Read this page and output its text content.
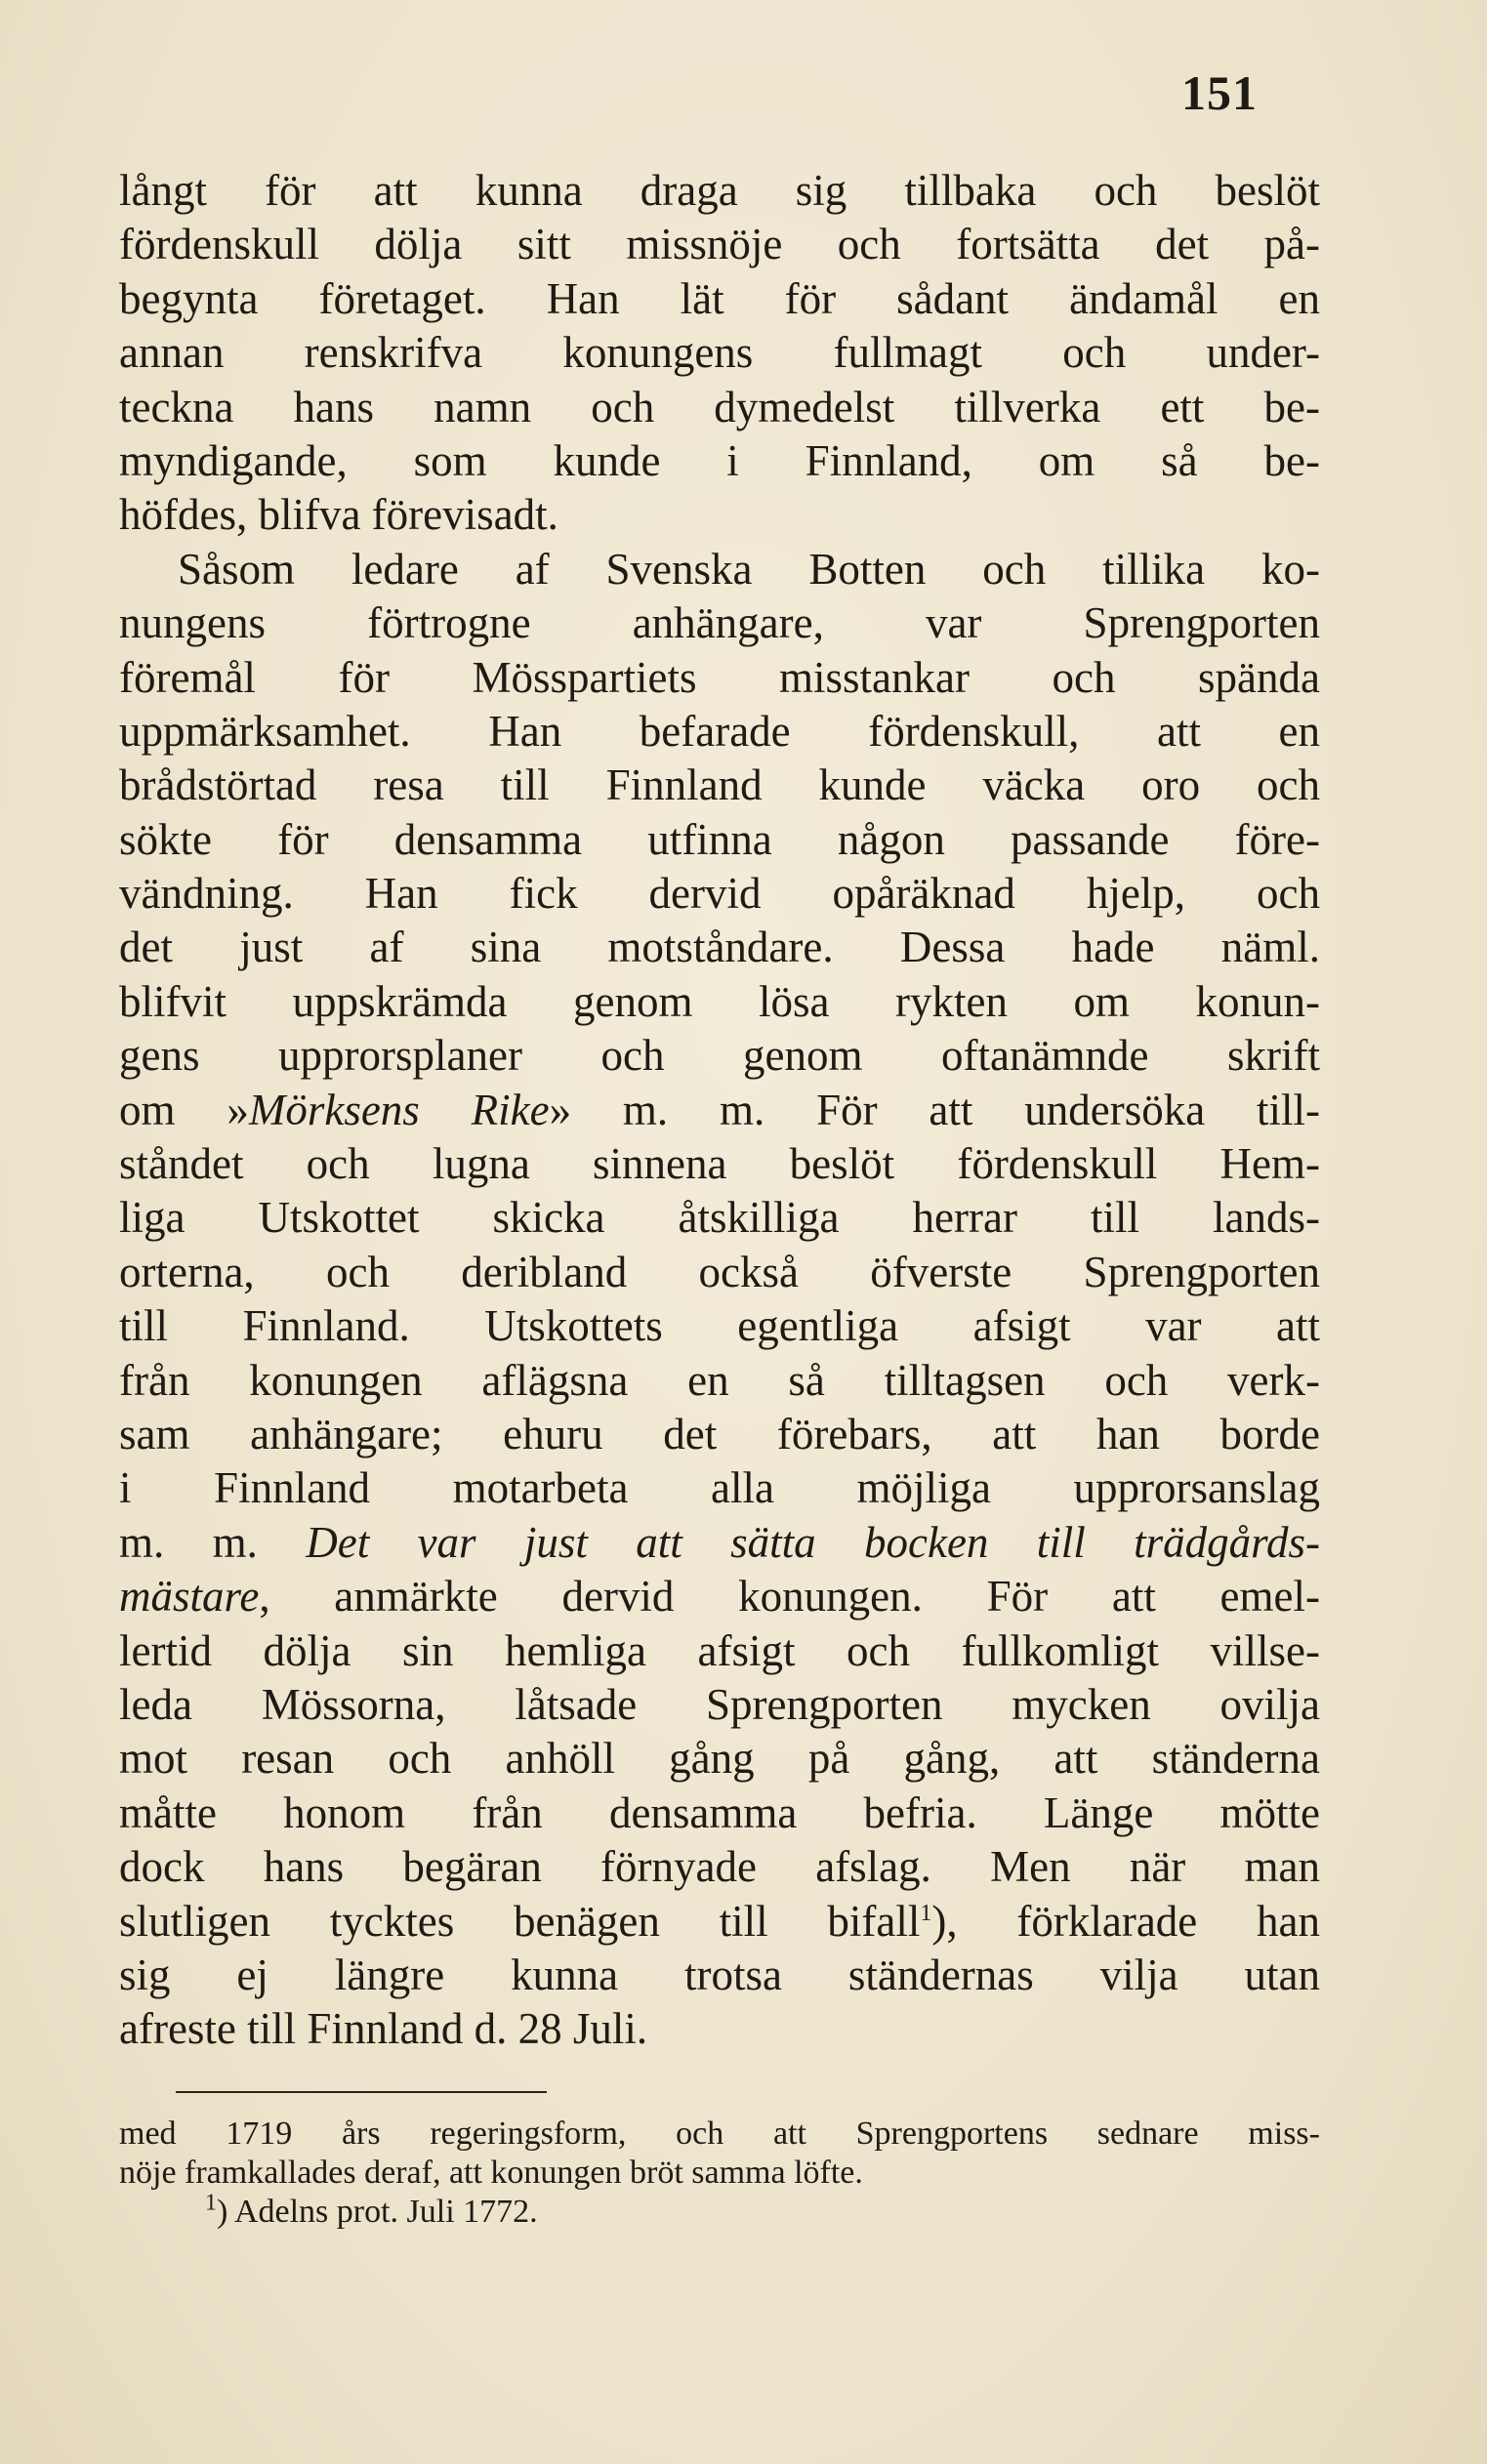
151
långt för att kunna draga sig tillbaka och beslöt
fördenskull dölja sitt missnöje och fortsätta det på-
begynta företaget. Han lät för sådant ändamål en
annan renskrifva konungens fullmagt och under-
teckna hans namn och dymedelst tillverka ett be-
myndigande, som kunde i Finnland, om så be-
höfdes, blifva förevisadt.
Såsom ledare af Svenska Botten och tillika ko-
nungens förtrogne anhängare, var Sprengporten
föremål för Mösspartiets misstankar och spända
uppmärksamhet. Han befarade fördenskull, att en
brådstörtad resa till Finnland kunde väcka oro och
sökte för densamma utfinna någon passande före-
vändning. Han fick dervid opåräknad hjelp, och
det just af sina motståndare. Dessa hade näml.
blifvit uppskrämda genom lösa rykten om konun-
gens upprorsplaner och genom oftanämnde skrift
om »Mörksens Rike» m. m. För att undersöka till-
ståndet och lugna sinnena beslöt fördenskull Hem-
liga Utskottet skicka åtskilliga herrar till lands-
orterna, och deribland också öfverste Sprengporten
till Finnland. Utskottets egentliga afsigt var att
från konungen aflägsna en så tilltagsen och verk-
sam anhängare; ehuru det förebars, att han borde
i Finnland motarbeta alla möjliga upprorsanslag
m. m. Det var just att sätta bocken till trädgårds-
mästare, anmärkte dervid konungen. För att emel-
lertid dölja sin hemliga afsigt och fullkomligt villse-
leda Mössorna, låtsade Sprengporten mycken ovilja
mot resan och anhöll gång på gång, att ständerna
måtte honom från densamma befria. Länge mötte
dock hans begäran förnyade afslag. Men när man
slutligen tycktes benägen till bifall$^1$), förklarade han
sig ej längre kunna trotsa ständernas vilja utan
afreste till Finnland d. 28 Juli.
med 1719 års regeringsform, och att Sprengportens sednare miss-
nöje framkallades deraf, att konungen bröt samma löfte.
$^1$) Adelns prot. Juli 1772.
